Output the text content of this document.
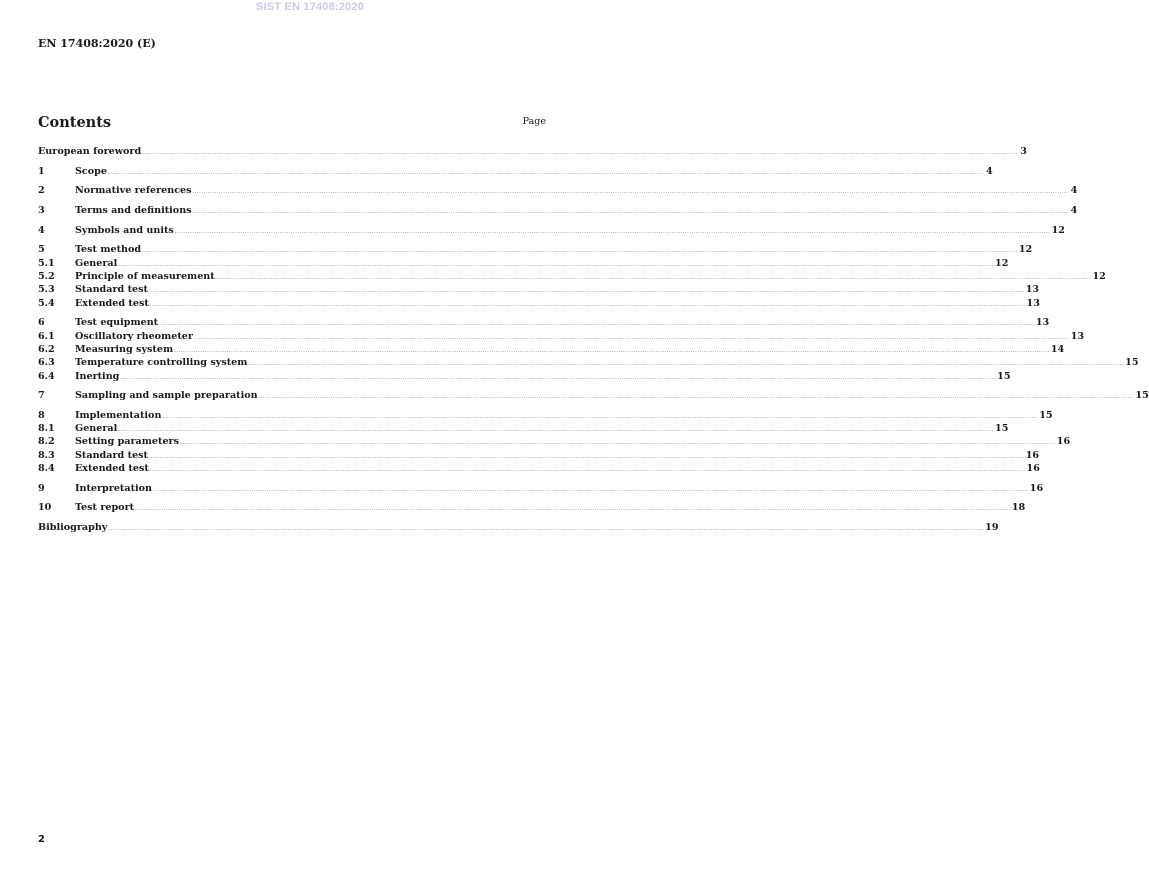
SIST EN 17408:2020
EN 17408:2020 (E)
Contents	Page
European foreword ................................................................................................................................................................................................................................................................................................................................................................................................................ 3
1	Scope ................................................................................................................................................................................................................................................................................................................................................................................................................ 4
2	Normative references ................................................................................................................................................................................................................................................................................................................................................................................................................ 4
3	Terms and definitions ................................................................................................................................................................................................................................................................................................................................................................................................................ 4
4	Symbols and units ................................................................................................................................................................................................................................................................................................................................................................................................................ 12
5	Test method ................................................................................................................................................................................................................................................................................................................................................................................................................ 12
5.1	General ................................................................................................................................................................................................................................................................................................................................................................................................................ 12
5.2	Principle of measurement ................................................................................................................................................................................................................................................................................................................................................................................................................ 12
5.3	Standard test ................................................................................................................................................................................................................................................................................................................................................................................................................ 13
5.4	Extended test ................................................................................................................................................................................................................................................................................................................................................................................................................ 13
6	Test equipment ................................................................................................................................................................................................................................................................................................................................................................................................................ 13
6.1	Oscillatory rheometer ................................................................................................................................................................................................................................................................................................................................................................................................................ 13
6.2	Measuring system ................................................................................................................................................................................................................................................................................................................................................................................................................ 14
6.3	Temperature controlling system ................................................................................................................................................................................................................................................................................................................................................................................................................ 15
6.4	Inerting ................................................................................................................................................................................................................................................................................................................................................................................................................ 15
7	Sampling and sample preparation ................................................................................................................................................................................................................................................................................................................................................................................................................ 15
8	Implementation ................................................................................................................................................................................................................................................................................................................................................................................................................ 15
8.1	General ................................................................................................................................................................................................................................................................................................................................................................................................................ 15
8.2	Setting parameters ................................................................................................................................................................................................................................................................................................................................................................................................................ 16
8.3	Standard test ................................................................................................................................................................................................................................................................................................................................................................................................................ 16
8.4	Extended test ................................................................................................................................................................................................................................................................................................................................................................................................................ 16
9	Interpretation ................................................................................................................................................................................................................................................................................................................................................................................................................ 16
10	Test report ................................................................................................................................................................................................................................................................................................................................................................................................................ 18
Bibliography ................................................................................................................................................................................................................................................................................................................................................................................................................ 19
2
